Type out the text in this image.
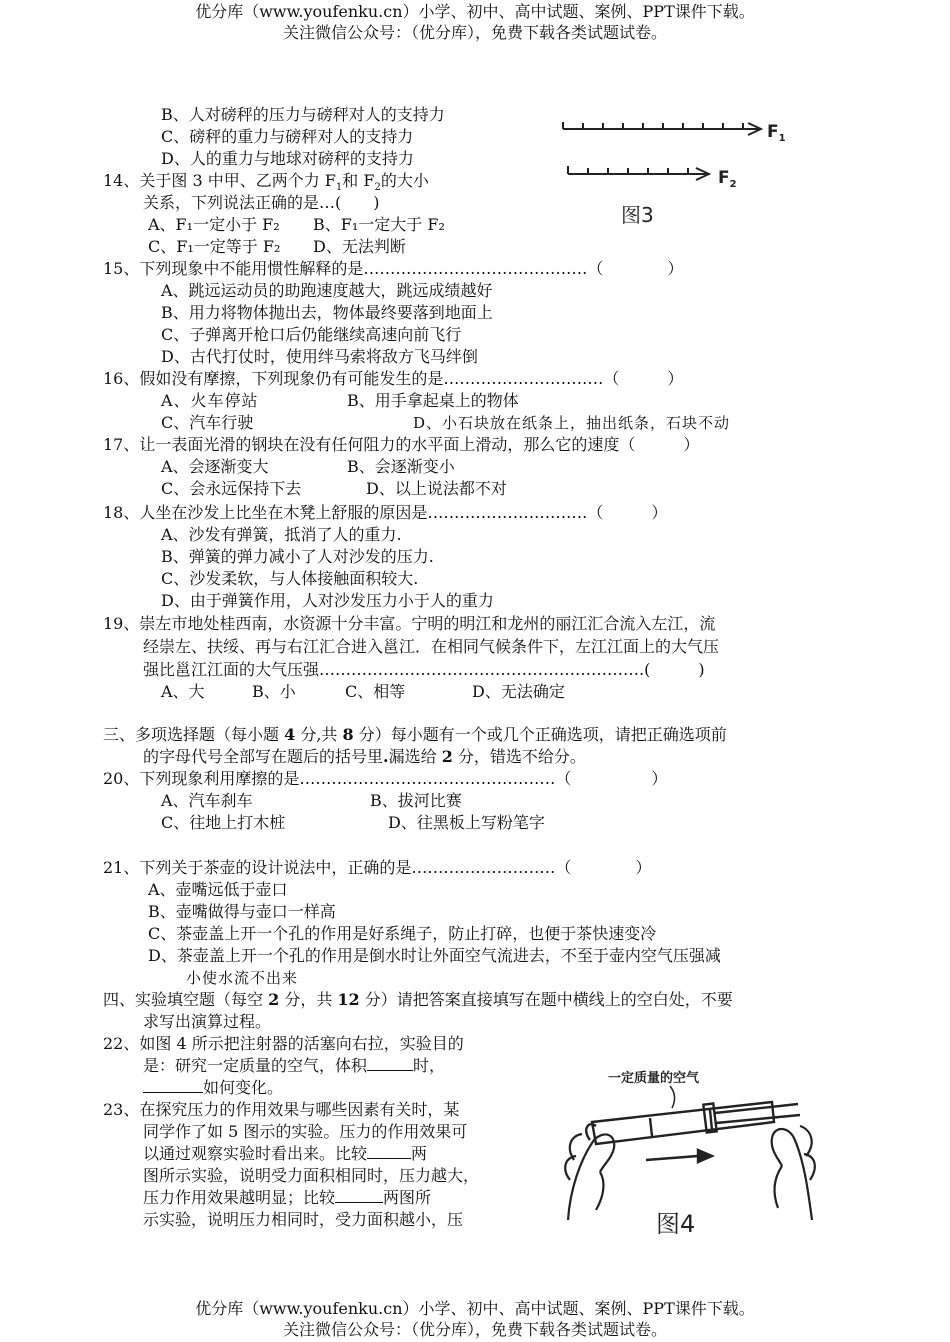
优分库（www.youfenku.cn）小学、初中、高中试题、案例、PPT课件下载。
关注微信公众号：（优分库），免费下载各类试题试卷。
B、人对磅秤的压力与磅秤对人的支持力
C、磅秤的重力与磅秤对人的支持力
D、人的重力与地球对磅秤的支持力
14、关于图 3 中甲、乙两个力 $F_1$和 $F_2$的大小
关系，下列说法正确的是…(　　)
A、F₁一定小于 F₂ B、F₁一定大于 F₂
C、F₁一定等于 F₂ D、无法判断
$F_1$
$F_2$
图3
15、下列现象中不能用惯性解释的是……………………………………（　　　　）
A、跳远运动员的助跑速度越大，跳远成绩越好
B、用力将物体抛出去，物体最终要落到地面上
C、子弹离开枪口后仍能继续高速向前飞行
D、古代打仗时，使用绊马索将敌方飞马绊倒
16、假如没有摩擦，下列现象仍有可能发生的是…………………………（　　　）
A、火车停站	B、用手拿起桌上的物体
C、汽车行驶	D、小石块放在纸条上，抽出纸条，石块不动
17、让一表面光滑的钢块在没有任何阻力的水平面上滑动，那么它的速度（　　　）
A、会逐渐变大	B、会逐渐变小
C、会永远保持下去	D、以上说法都不对
18、人坐在沙发上比坐在木凳上舒服的原因是…………………………（　　　）
A、沙发有弹簧，抵消了人的重力.
B、弹簧的弹力减小了人对沙发的压力.
C、沙发柔软，与人体接触面积较大.
D、由于弹簧作用，人对沙发压力小于人的重力
19、崇左市地处桂西南，水资源十分丰富。宁明的明江和龙州的丽江汇合流入左江，流
经崇左、扶绥、再与右江汇合进入邕江．在相同气候条件下，左江江面上的大气压
强比邕江江面的大气压强…………………………………………………….(　　　)
A、大	B、小	C、相等	D、无法确定
三、多项选择题（每小题 4 分,共 8 分）每小题有一个或几个正确选项，请把正确选项前
的字母代号全部写在题后的括号里.漏选给 2 分，错选不给分。
20、下列现象利用摩擦的是…………………………………………（　　　　　）
A、汽车刹车	B、拔河比赛
C、往地上打木桩	D、往黑板上写粉笔字
21、下列关于茶壶的设计说法中，正确的是………………………（　　　　）
A、壶嘴远低于壶口
B、壶嘴做得与壶口一样高
C、茶壶盖上开一个孔的作用是好系绳子，防止打碎，也便于茶快速变冷
D、茶壶盖上开一个孔的作用是倒水时让外面空气流进去，不至于壶内空气压强减
小使水流不出来
四、实验填空题（每空 2 分，共 12 分）请把答案直接填写在题中横线上的空白处，不要
求写出演算过程。
22、如图 4 所示把注射器的活塞向右拉，实验目的
是：研究一定质量的空气，体积	时，
如何变化。
23、在探究压力的作用效果与哪些因素有关时，某
同学作了如 5 图示的实验。压力的作用效果可
以通过观察实验时看出来。比较	两
图所示实验，说明受力面积相同时，压力越大，
压力作用效果越明显；比较	两图所
示实验，说明压力相同时，受力面积越小，压
一定质量的空气
图4
优分库（www.youfenku.cn）小学、初中、高中试题、案例、PPT课件下载。
关注微信公众号：（优分库），免费下载各类试题试卷。
